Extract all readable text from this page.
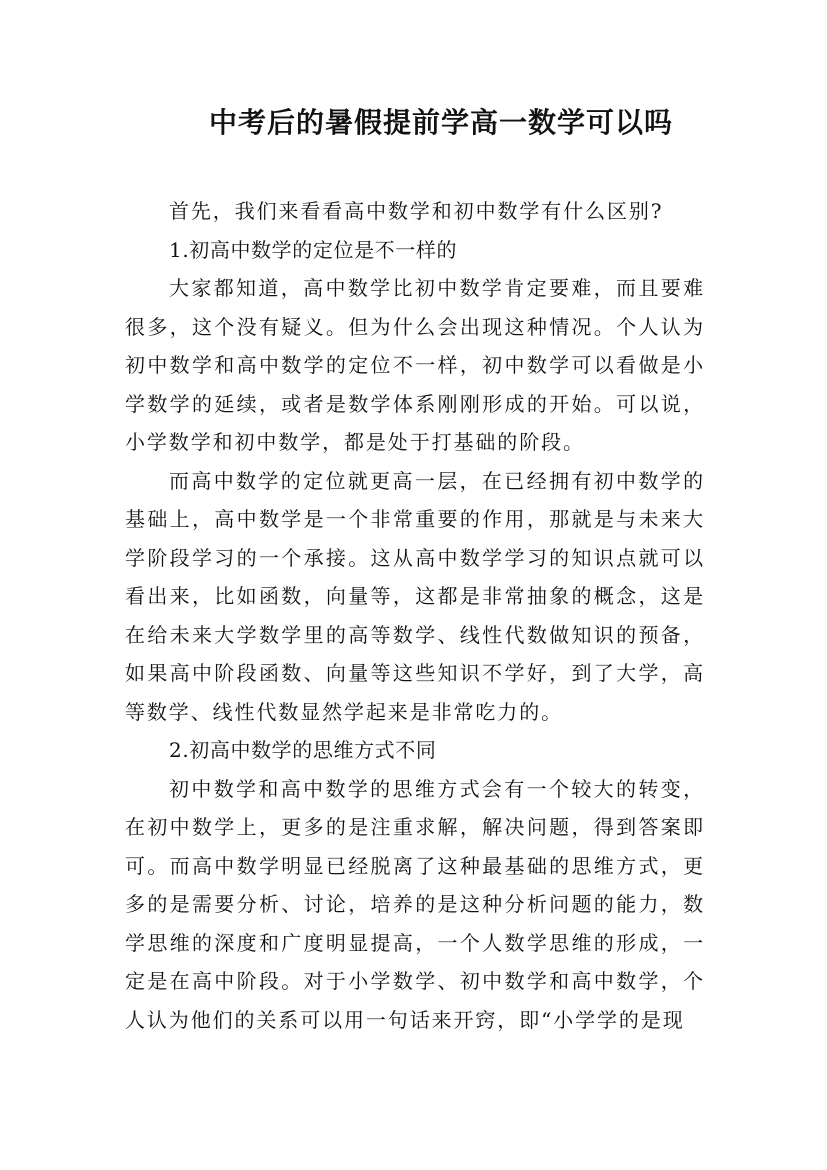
中考后的暑假提前学高一数学可以吗

首先，我们来看看高中数学和初中数学有什么区别?

1.初高中数学的定位是不一样的

大家都知道，高中数学比初中数学肯定要难，而且要难很多，这个没有疑义。但为什么会出现这种情况。个人认为初中数学和高中数学的定位不一样，初中数学可以看做是小学数学的延续，或者是数学体系刚刚形成的开始。可以说，小学数学和初中数学，都是处于打基础的阶段。

而高中数学的定位就更高一层，在已经拥有初中数学的基础上，高中数学是一个非常重要的作用，那就是与未来大学阶段学习的一个承接。这从高中数学学习的知识点就可以看出来，比如函数，向量等，这都是非常抽象的概念，这是在给未来大学数学里的高等数学、线性代数做知识的预备，如果高中阶段函数、向量等这些知识不学好，到了大学，高等数学、线性代数显然学起来是非常吃力的。

2.初高中数学的思维方式不同

初中数学和高中数学的思维方式会有一个较大的转变，在初中数学上，更多的是注重求解，解决问题，得到答案即可。而高中数学明显已经脱离了这种最基础的思维方式，更多的是需要分析、讨论，培养的是这种分析问题的能力，数学思维的深度和广度明显提高，一个人数学思维的形成，一定是在高中阶段。对于小学数学、初中数学和高中数学，个人认为他们的关系可以用一句话来开窍，即“小学学的是现
